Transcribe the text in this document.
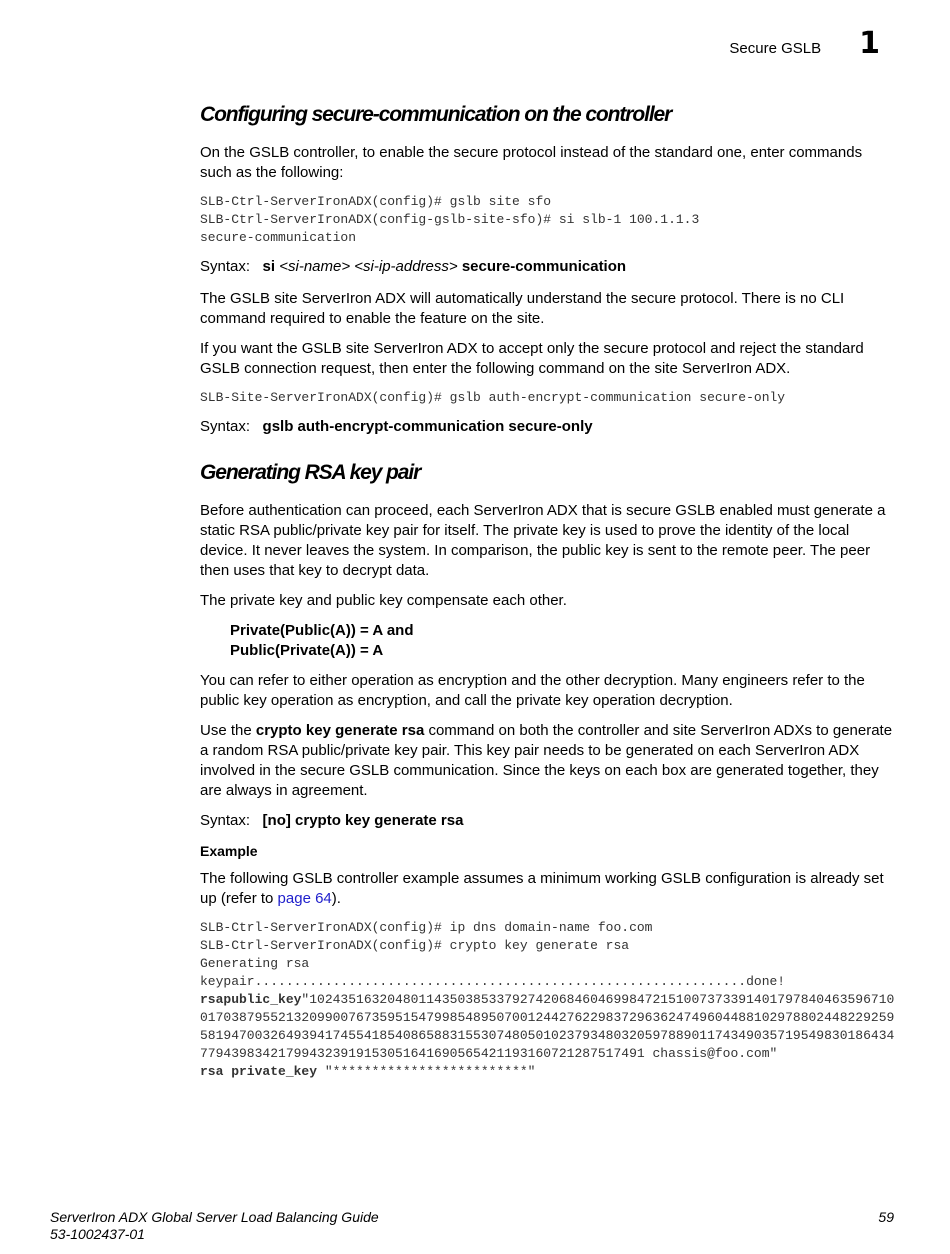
Secure GSLB 1
Configuring secure-communication on the controller

On the GSLB controller, to enable the secure protocol instead of the standard one, enter commands such as the following:

SLB-Ctrl-ServerIronADX(config)# gslb site sfo
SLB-Ctrl-ServerIronADX(config-gslb-site-sfo)# si slb-1 100.1.1.3
secure-communication
Syntax: si <si-name> <si-ip-address> secure-communication

The GSLB site ServerIron ADX will automatically understand the secure protocol. There is no CLI command required to enable the feature on the site.

If you want the GSLB site ServerIron ADX to accept only the secure protocol and reject the standard GSLB connection request, then enter the following command on the site ServerIron ADX.

SLB-Site-ServerIronADX(config)# gslb auth-encrypt-communication secure-only
Syntax: gslb auth-encrypt-communication secure-only
Generating RSA key pair

Before authentication can proceed, each ServerIron ADX that is secure GSLB enabled must generate a static RSA public/private key pair for itself. The private key is used to prove the identity of the local device. It never leaves the system. In comparison, the public key is sent to the remote peer. The peer then uses that key to decrypt data.

The private key and public key compensate each other.

Private(Public(A)) = A and
Public(Private(A)) = A

You can refer to either operation as encryption and the other decryption. Many engineers refer to the public key operation as encryption, and call the private key operation decryption.

Use the crypto key generate rsa command on both the controller and site ServerIron ADXs to generate a random RSA public/private key pair. This key pair needs to be generated on each ServerIron ADX involved in the secure GSLB communication. Since the keys on each box are generated together, they are always in agreement.

Syntax: [no] crypto key generate rsa
Example

The following GSLB controller example assumes a minimum working GSLB configuration is already set up (refer to page 64).

SLB-Ctrl-ServerIronADX(config)# ip dns domain-name foo.com
SLB-Ctrl-ServerIronADX(config)# crypto key generate rsa
Generating rsa
keypair...............................................................done!

rsapublic_key"1024351632048011435038533792742068460469984721510073733914017978404635967100170387955213209900767359515479985489507001244276229837296362474960448810297880244822925958194700326493941745541854086588315530748050102379348032059788901174349035719549830186434779439834217994323919153051641690565421193160721287517491 chassis@foo.com"
rsa private_key "*************************"
ServerIron ADX Global Server Load Balancing Guide	59
53-1002437-01
